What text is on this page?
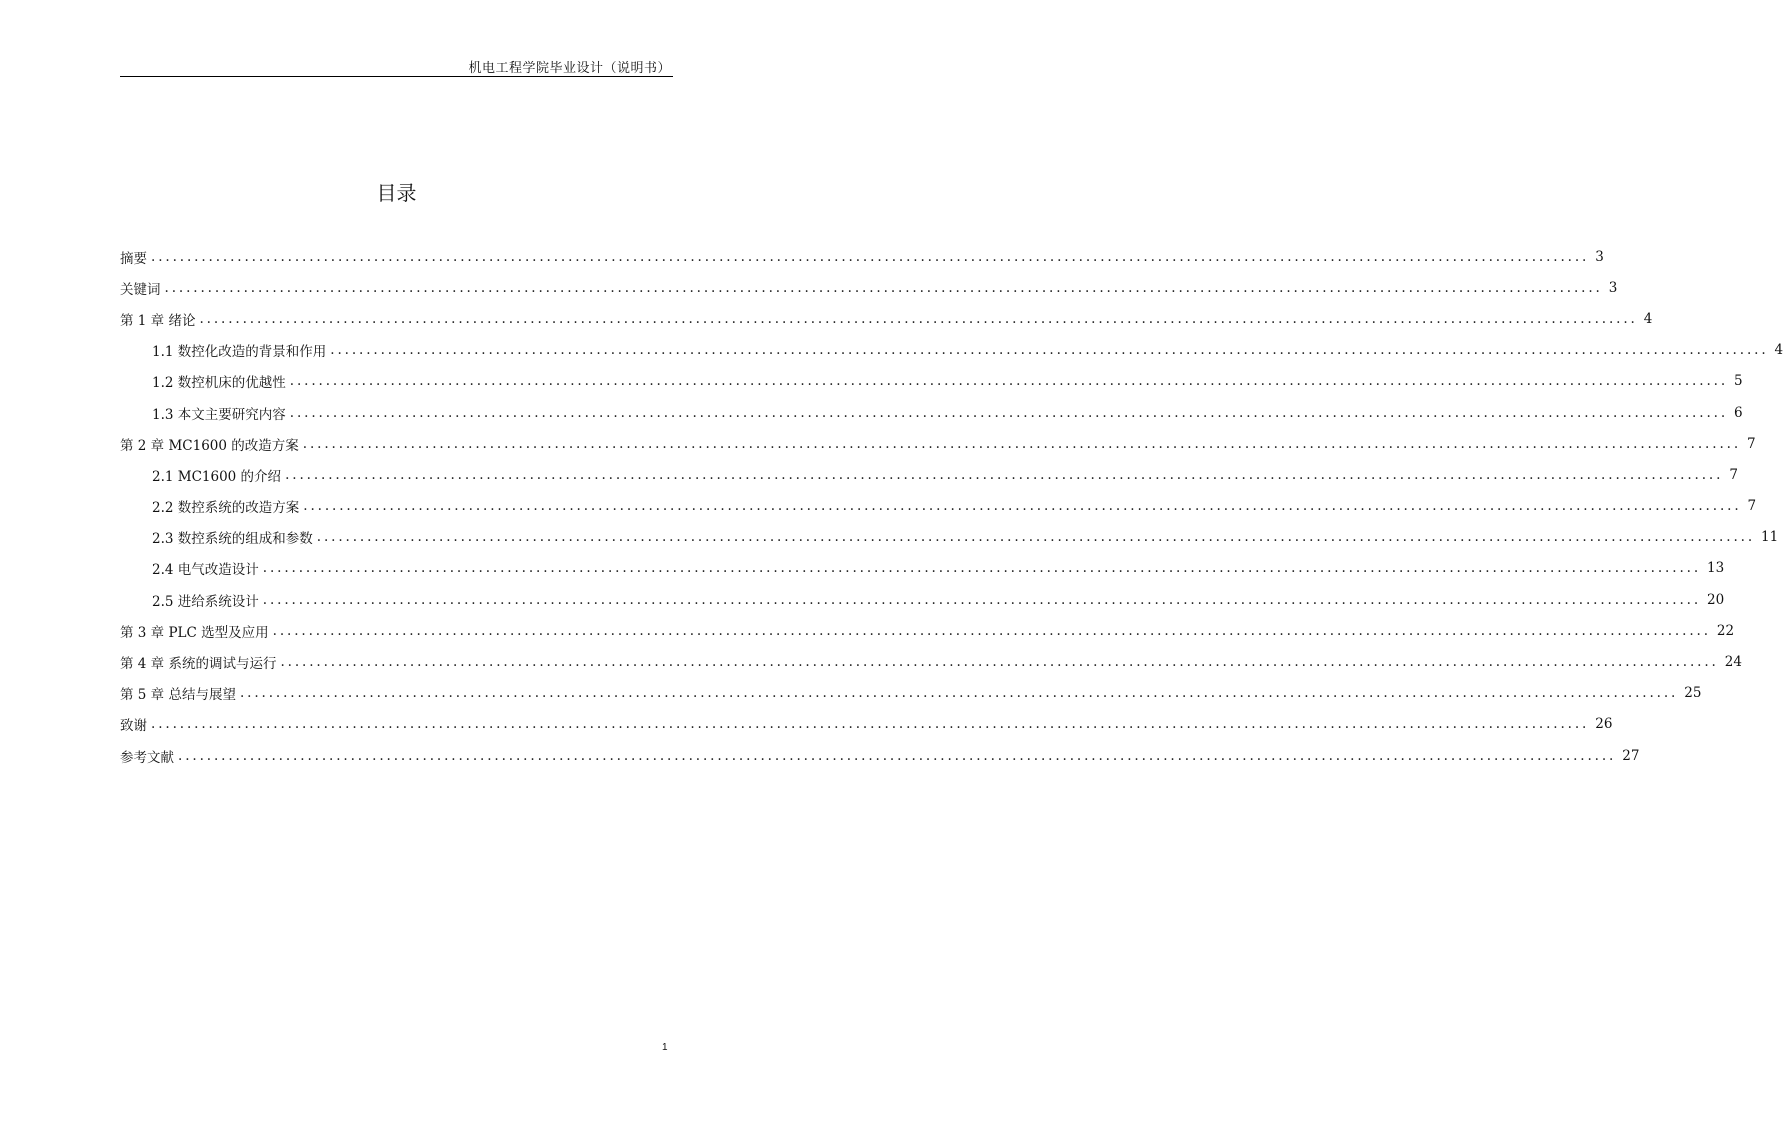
机电工程学院毕业设计（说明书）
目录
摘要 ........................................................................................................................................................................................................ 3
关键词 ........................................................................................................................................................................................................ 3
第 1 章 绪论 ........................................................................................................................................................................................................ 4
1.1 数控化改造的背景和作用 ........................................................................................................................................................................................................ 4
1.2 数控机床的优越性 ........................................................................................................................................................................................................ 5
1.3 本文主要研究内容 ........................................................................................................................................................................................................ 6
第 2 章 MC1600 的改造方案 ........................................................................................................................................................................................................ 7
2.1 MC1600 的介绍 ........................................................................................................................................................................................................ 7
2.2 数控系统的改造方案 ........................................................................................................................................................................................................ 7
2.3 数控系统的组成和参数 ........................................................................................................................................................................................................ 11
2.4 电气改造设计 ........................................................................................................................................................................................................ 13
2.5 进给系统设计 ........................................................................................................................................................................................................ 20
第 3 章 PLC 选型及应用 ........................................................................................................................................................................................................ 22
第 4 章 系统的调试与运行 ........................................................................................................................................................................................................ 24
第 5 章 总结与展望 ........................................................................................................................................................................................................ 25
致谢 ........................................................................................................................................................................................................ 26
参考文献 ........................................................................................................................................................................................................ 27
1
